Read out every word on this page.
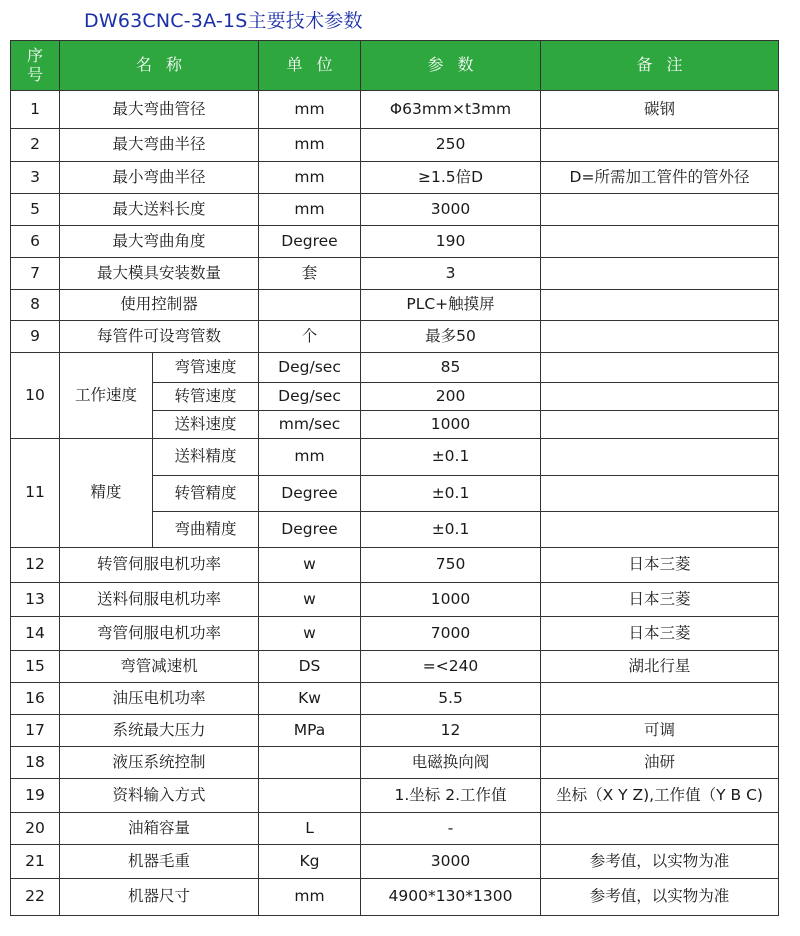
DW63CNC-3A-1S主要技术参数
序
号	名称		单位	参数	备注
1	最大弯曲管径		mm	Φ63mm×t3mm	碳钢
2	最大弯曲半径		mm	250	
3	最小弯曲半径		mm	≥1.5倍D	D=所需加工管件的管外径
5	最大送料长度		mm	3000	
6	最大弯曲角度		Degree	190	
7	最大模具安装数量		套	3	
8	使用控制器			PLC+触摸屏	
9	每管件可设弯管数		个	最多50	
10	工作速度	弯管速度	Deg/sec	85	
		转管速度	Deg/sec	200	
		送料速度	mm/sec	1000	
11	精度	送料精度	mm	±0.1	
		转管精度	Degree	±0.1	
		弯曲精度	Degree	±0.1	
12	转管伺服电机功率		w	750	日本三菱
13	送料伺服电机功率		w	1000	日本三菱
14	弯管伺服电机功率		w	7000	日本三菱
15	弯管减速机		DS	=<240	湖北行星
16	油压电机功率		Kw	5.5	
17	系统最大压力		MPa	12	可调
18	液压系统控制			电磁换向阀	油研
19	资料输入方式			1.坐标 2.工作值	坐标（X Y Z),工作值（Y B C)
20	油箱容量		L	-	
21	机器毛重		Kg	3000	参考值，以实物为准
22	机器尺寸		mm	4900*130*1300	参考值，以实物为准
